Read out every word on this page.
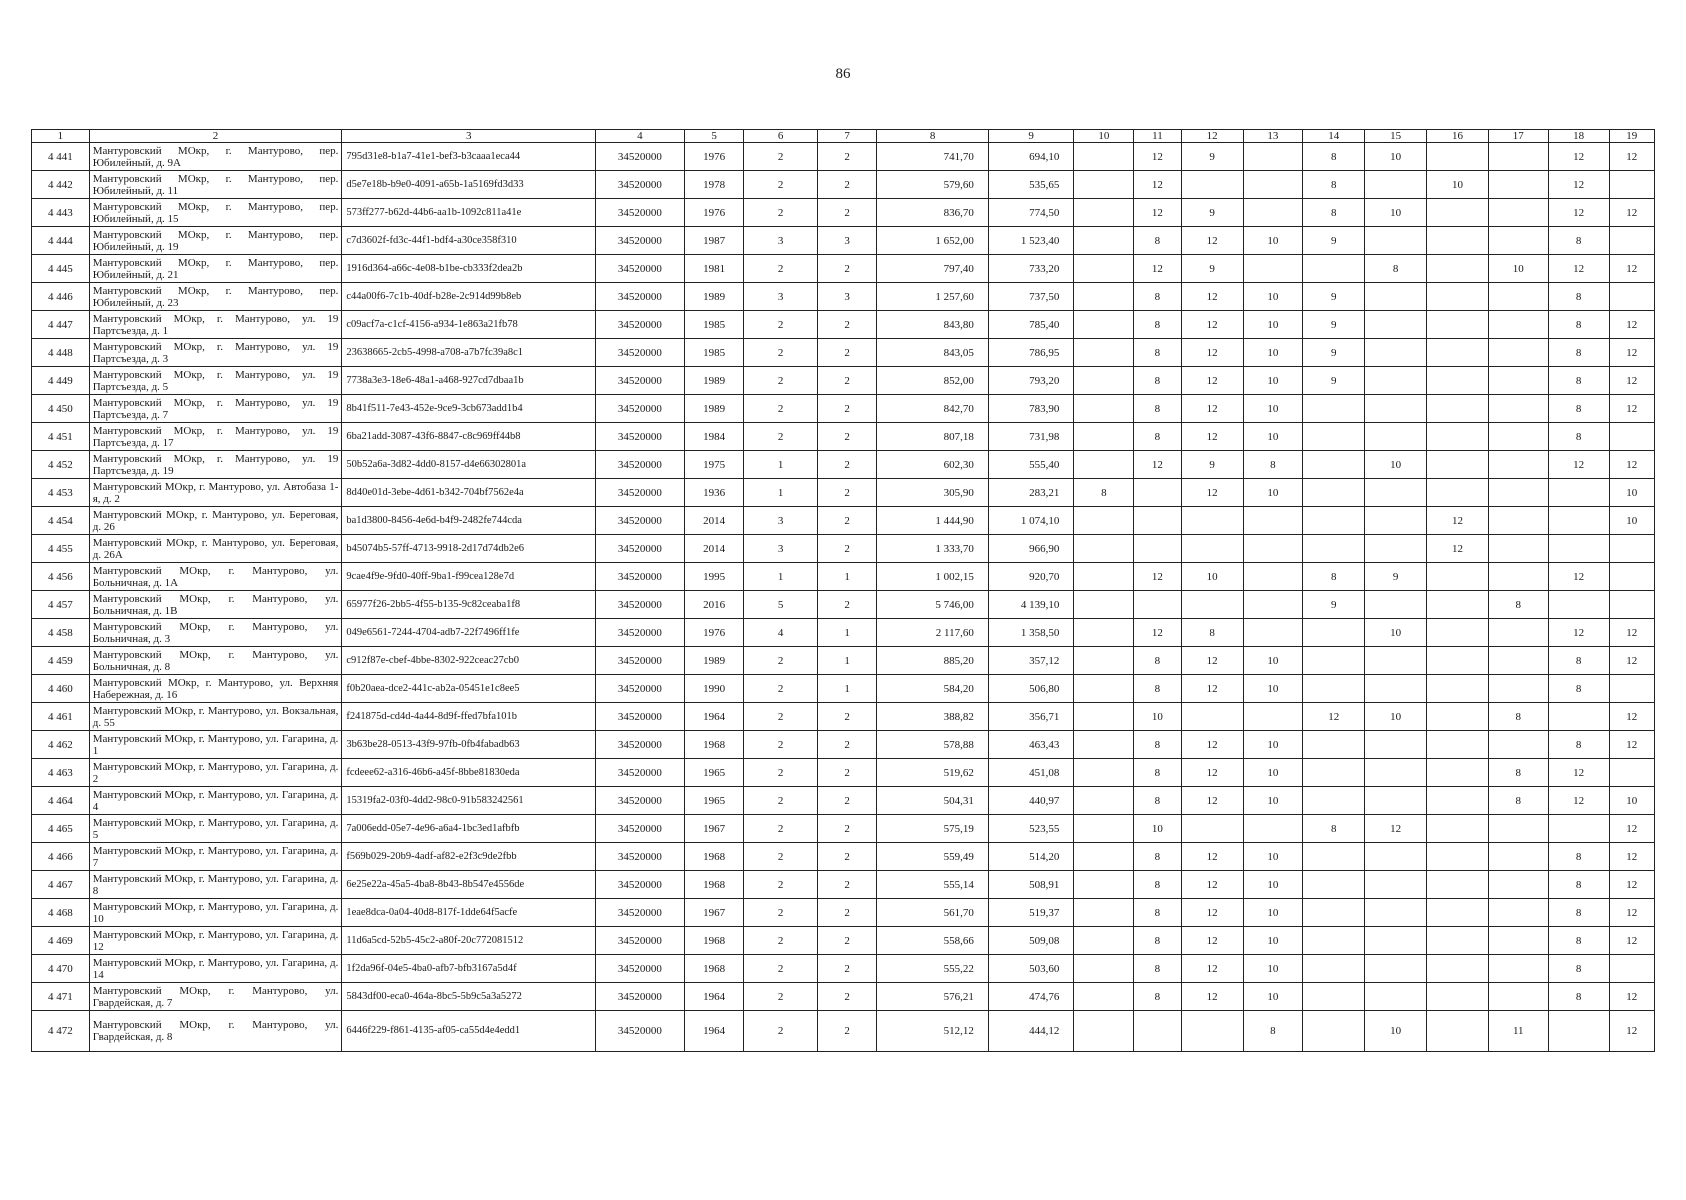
86
1	2	3	4	5	6	7	8	9	10	11	12	13	14	15	16	17	18	19
4 441	Мантуровский МОкр, г. Мантурово, пер. Юбилейный, д. 9А	795d31e8-b1a7-41e1-bef3-b3caaa1eca44	34520000	1976	2	2	741,70	694,10		12	9		8	10			12	12
4 442	Мантуровский МОкр, г. Мантурово, пер. Юбилейный, д. 11	d5e7e18b-b9e0-4091-a65b-1a5169fd3d33	34520000	1978	2	2	579,60	535,65		12			8		10		12	
4 443	Мантуровский МОкр, г. Мантурово, пер. Юбилейный, д. 15	573ff277-b62d-44b6-aa1b-1092c811a41e	34520000	1976	2	2	836,70	774,50		12	9		8	10			12	12
4 444	Мантуровский МОкр, г. Мантурово, пер. Юбилейный, д. 19	c7d3602f-fd3c-44f1-bdf4-a30ce358f310	34520000	1987	3	3	1 652,00	1 523,40		8	12	10	9				8	
4 445	Мантуровский МОкр, г. Мантурово, пер. Юбилейный, д. 21	1916d364-a66c-4e08-b1be-cb333f2dea2b	34520000	1981	2	2	797,40	733,20		12	9			8		10	12	12
4 446	Мантуровский МОкр, г. Мантурово, пер. Юбилейный, д. 23	c44a00f6-7c1b-40df-b28e-2c914d99b8eb	34520000	1989	3	3	1 257,60	737,50		8	12	10	9				8	
4 447	Мантуровский МОкр, г. Мантурово, ул. 19 Партсъезда, д. 1	c09acf7a-c1cf-4156-a934-1e863a21fb78	34520000	1985	2	2	843,80	785,40		8	12	10	9				8	12
4 448	Мантуровский МОкр, г. Мантурово, ул. 19 Партсъезда, д. 3	23638665-2cb5-4998-a708-a7b7fc39a8c1	34520000	1985	2	2	843,05	786,95		8	12	10	9				8	12
4 449	Мантуровский МОкр, г. Мантурово, ул. 19 Партсъезда, д. 5	7738a3e3-18e6-48a1-a468-927cd7dbaa1b	34520000	1989	2	2	852,00	793,20		8	12	10	9				8	12
4 450	Мантуровский МОкр, г. Мантурово, ул. 19 Партсъезда, д. 7	8b41f511-7e43-452e-9ce9-3cb673add1b4	34520000	1989	2	2	842,70	783,90		8	12	10					8	12
4 451	Мантуровский МОкр, г. Мантурово, ул. 19 Партсъезда, д. 17	6ba21add-3087-43f6-8847-c8c969ff44b8	34520000	1984	2	2	807,18	731,98		8	12	10					8	
4 452	Мантуровский МОкр, г. Мантурово, ул. 19 Партсъезда, д. 19	50b52a6a-3d82-4dd0-8157-d4e66302801a	34520000	1975	1	2	602,30	555,40		12	9	8		10			12	12
4 453	Мантуровский МОкр, г. Мантурово, ул. Автобаза 1-я, д. 2	8d40e01d-3ebe-4d61-b342-704bf7562e4a	34520000	1936	1	2	305,90	283,21	8		12	10						10
4 454	Мантуровский МОкр, г. Мантурово, ул. Береговая, д. 26	ba1d3800-8456-4e6d-b4f9-2482fe744cda	34520000	2014	3	2	1 444,90	1 074,10							12			10
4 455	Мантуровский МОкр, г. Мантурово, ул. Береговая, д. 26А	b45074b5-57ff-4713-9918-2d17d74db2e6	34520000	2014	3	2	1 333,70	966,90							12			
4 456	Мантуровский МОкр, г. Мантурово, ул. Больничная, д. 1А	9cae4f9e-9fd0-40ff-9ba1-f99cea128e7d	34520000	1995	1	1	1 002,15	920,70		12	10		8	9			12	
4 457	Мантуровский МОкр, г. Мантурово, ул. Больничная, д. 1В	65977f26-2bb5-4f55-b135-9c82ceaba1f8	34520000	2016	5	2	5 746,00	4 139,10					9			8		
4 458	Мантуровский МОкр, г. Мантурово, ул. Больничная, д. 3	049e6561-7244-4704-adb7-22f7496ff1fe	34520000	1976	4	1	2 117,60	1 358,50		12	8			10			12	12
4 459	Мантуровский МОкр, г. Мантурово, ул. Больничная, д. 8	c912f87e-cbef-4bbe-8302-922ceac27cb0	34520000	1989	2	1	885,20	357,12		8	12	10					8	12
4 460	Мантуровский МОкр, г. Мантурово, ул. Верхняя Набережная, д. 16	f0b20aea-dce2-441c-ab2a-05451e1c8ee5	34520000	1990	2	1	584,20	506,80		8	12	10					8	
4 461	Мантуровский МОкр, г. Мантурово, ул. Вокзальная, д. 55	f241875d-cd4d-4a44-8d9f-ffed7bfa101b	34520000	1964	2	2	388,82	356,71		10			12	10		8		12
4 462	Мантуровский МОкр, г. Мантурово, ул. Гагарина, д. 1	3b63be28-0513-43f9-97fb-0fb4fabadb63	34520000	1968	2	2	578,88	463,43		8	12	10					8	12
4 463	Мантуровский МОкр, г. Мантурово, ул. Гагарина, д. 2	fcdeee62-a316-46b6-a45f-8bbe81830eda	34520000	1965	2	2	519,62	451,08		8	12	10				8	12	
4 464	Мантуровский МОкр, г. Мантурово, ул. Гагарина, д. 4	15319fa2-03f0-4dd2-98c0-91b583242561	34520000	1965	2	2	504,31	440,97		8	12	10				8	12	10
4 465	Мантуровский МОкр, г. Мантурово, ул. Гагарина, д. 5	7a006edd-05e7-4e96-a6a4-1bc3ed1afbfb	34520000	1967	2	2	575,19	523,55		10			8	12				12
4 466	Мантуровский МОкр, г. Мантурово, ул. Гагарина, д. 7	f569b029-20b9-4adf-af82-e2f3c9de2fbb	34520000	1968	2	2	559,49	514,20		8	12	10					8	12
4 467	Мантуровский МОкр, г. Мантурово, ул. Гагарина, д. 8	6e25e22a-45a5-4ba8-8b43-8b547e4556de	34520000	1968	2	2	555,14	508,91		8	12	10					8	12
4 468	Мантуровский МОкр, г. Мантурово, ул. Гагарина, д. 10	1eae8dca-0a04-40d8-817f-1dde64f5acfe	34520000	1967	2	2	561,70	519,37		8	12	10					8	12
4 469	Мантуровский МОкр, г. Мантурово, ул. Гагарина, д. 12	11d6a5cd-52b5-45c2-a80f-20c772081512	34520000	1968	2	2	558,66	509,08		8	12	10					8	12
4 470	Мантуровский МОкр, г. Мантурово, ул. Гагарина, д. 14	1f2da96f-04e5-4ba0-afb7-bfb3167a5d4f	34520000	1968	2	2	555,22	503,60		8	12	10					8	
4 471	Мантуровский МОкр, г. Мантурово, ул. Гвардейская, д. 7	5843df00-eca0-464a-8bc5-5b9c5a3a5272	34520000	1964	2	2	576,21	474,76		8	12	10					8	12
4 472	Мантуровский МОкр, г. Мантурово, ул. Гвардейская, д. 8	6446f229-f861-4135-af05-ca55d4e4edd1	34520000	1964	2	2	512,12	444,12				8		10		11		12
